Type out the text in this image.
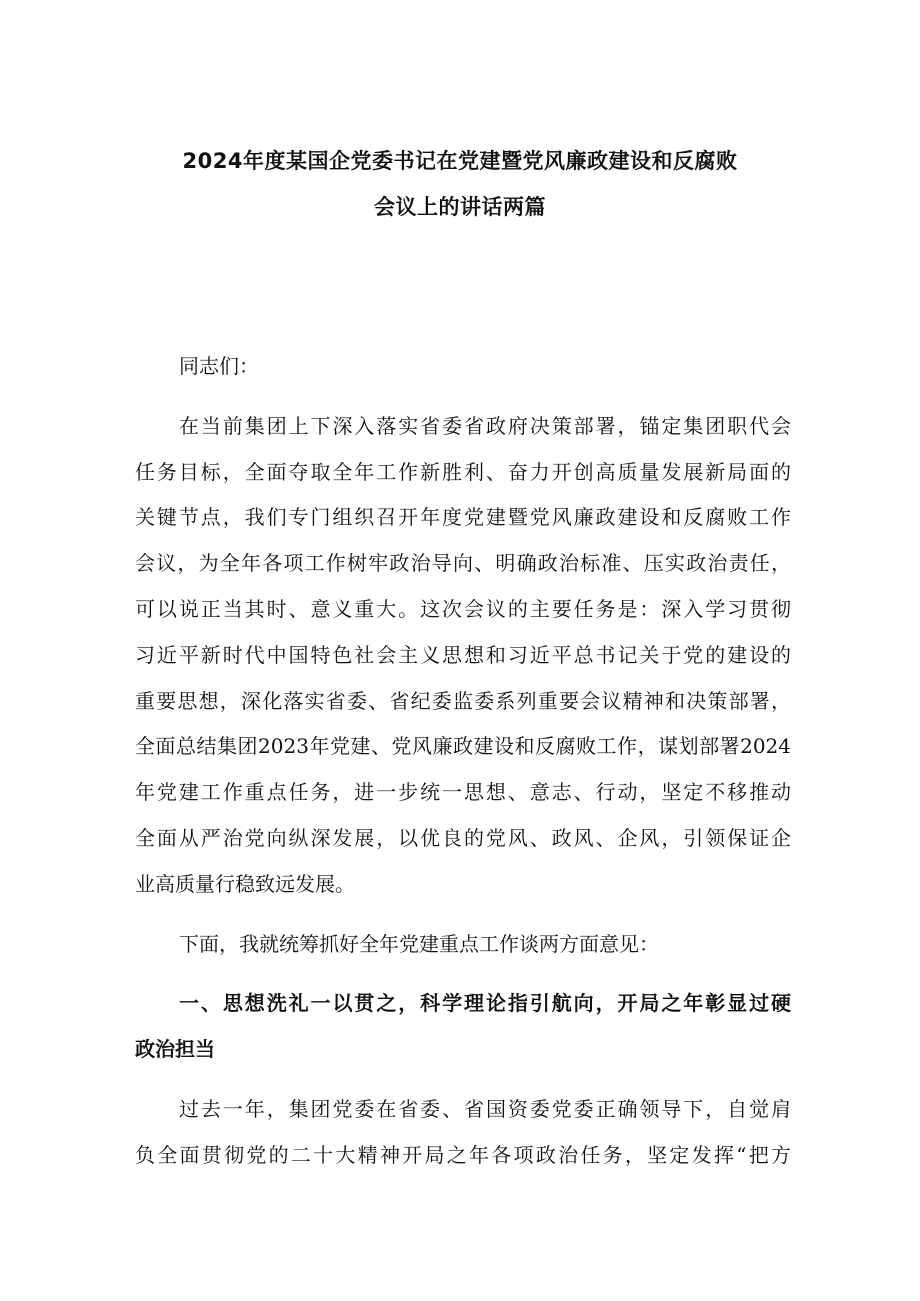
2024年度某国企党委书记在党建暨党风廉政建设和反腐败
会议上的讲话两篇
同志们：
在当前集团上下深入落实省委省政府决策部署，锚定集团职代会
任务目标，全面夺取全年工作新胜利、奋力开创高质量发展新局面的
关键节点，我们专门组织召开年度党建暨党风廉政建设和反腐败工作
会议，为全年各项工作树牢政治导向、明确政治标准、压实政治责任，
可以说正当其时、意义重大。这次会议的主要任务是：深入学习贯彻
习近平新时代中国特色社会主义思想和习近平总书记关于党的建设的
重要思想，深化落实省委、省纪委监委系列重要会议精神和决策部署，
全面总结集团2023年党建、党风廉政建设和反腐败工作，谋划部署2024
年党建工作重点任务，进一步统一思想、意志、行动，坚定不移推动
全面从严治党向纵深发展，以优良的党风、政风、企风，引领保证企
业高质量行稳致远发展。
下面，我就统筹抓好全年党建重点工作谈两方面意见：
一、思想洗礼一以贯之，科学理论指引航向，开局之年彰显过硬
政治担当
过去一年，集团党委在省委、省国资委党委正确领导下，自觉肩
负全面贯彻党的二十大精神开局之年各项政治任务，坚定发挥“把方
